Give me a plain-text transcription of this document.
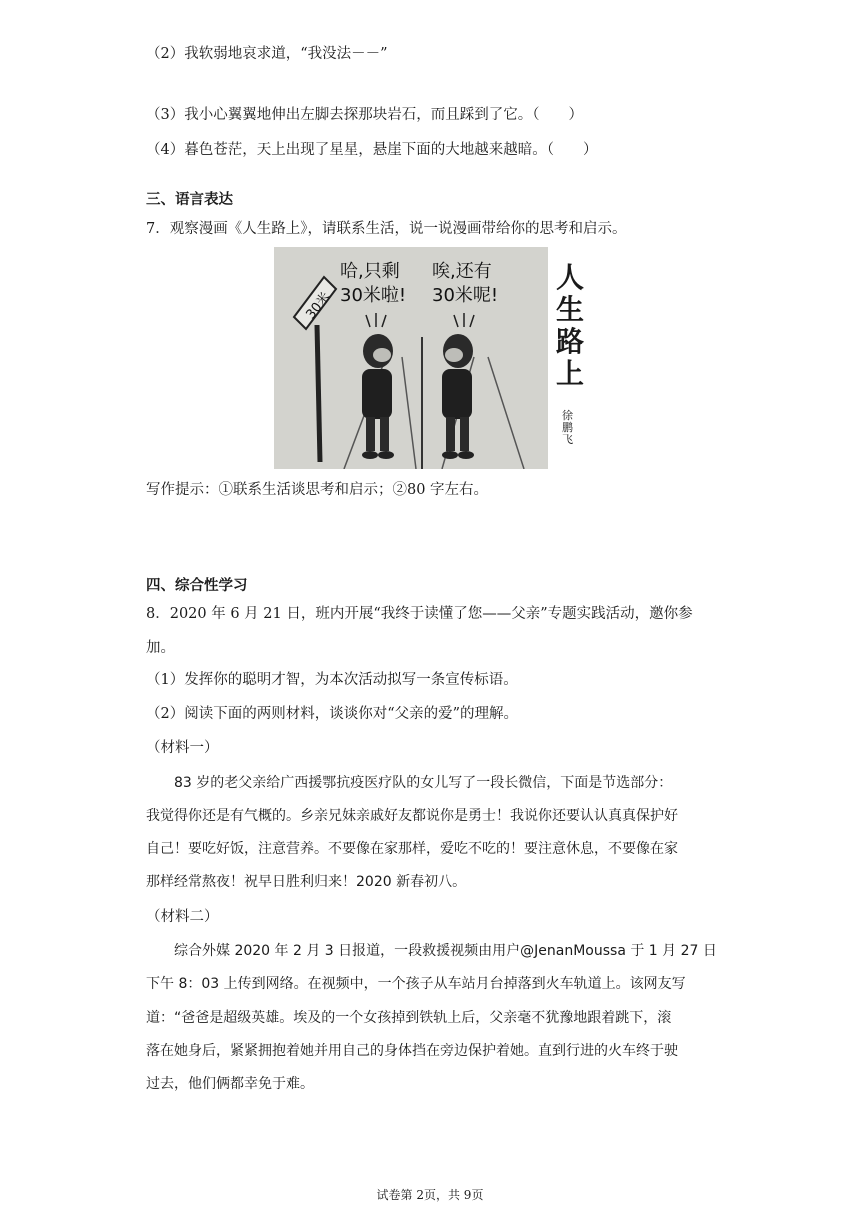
（2）我软弱地哀求道，“我没法－－”
（3）我小心翼翼地伸出左脚去探那块岩石，而且踩到了它。（　　）
（4）暮色苍茫，天上出现了星星，悬崖下面的大地越来越暗。（　　）
三、语言表达
7．观察漫画《人生路上》，请联系生活，说一说漫画带给你的思考和启示。
30米
哈,只剩
30米啦!
唉,还有
30米呢!
人
生
路
上
徐鹏飞
写作提示：①联系生活谈思考和启示；②80 字左右。
四、综合性学习
8．2020 年 6 月 21 日，班内开展“我终于读懂了您——父亲”专题实践活动，邀你参
加。
（1）发挥你的聪明才智，为本次活动拟写一条宣传标语。
（2）阅读下面的两则材料，谈谈你对“父亲的爱”的理解。
（材料一）
83 岁的老父亲给广西援鄂抗疫医疗队的女儿写了一段长微信，下面是节选部分：
我觉得你还是有气概的。乡亲兄妹亲戚好友都说你是勇士！我说你还要认认真真保护好
自己！要吃好饭，注意营养。不要像在家那样，爱吃不吃的！要注意休息，不要像在家
那样经常熬夜！祝早日胜利归来！2020 新春初八。
（材料二）
综合外媒 2020 年 2 月 3 日报道，一段救援视频由用户@JenanMoussa 于 1 月 27 日
下午 8：03 上传到网络。在视频中，一个孩子从车站月台掉落到火车轨道上。该网友写
道：“爸爸是超级英雄。埃及的一个女孩掉到铁轨上后，父亲毫不犹豫地跟着跳下，滚
落在她身后，紧紧拥抱着她并用自己的身体挡在旁边保护着她。直到行进的火车终于驶
过去，他们俩都幸免于难。
试卷第 2页，共 9页
